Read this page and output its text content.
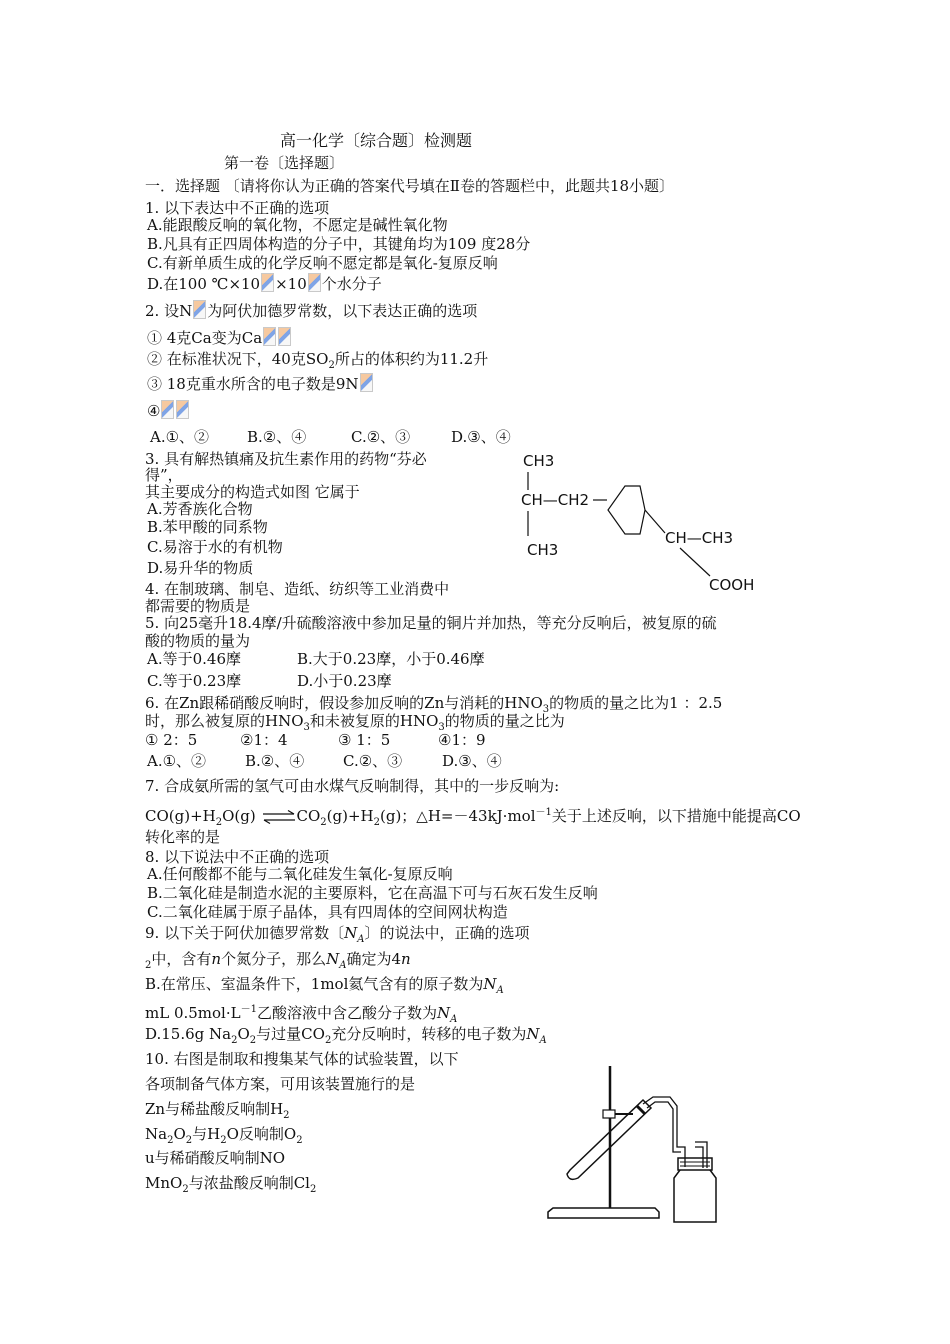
高一化学〔综合题〕检测题
第一卷〔选择题〕
一．选择题 〔请将你认为正确的答案代号填在Ⅱ卷的答题栏中，此题共18小题〕
1. 以下表达中不正确的选项
A.能跟酸反响的氧化物，不愿定是碱性氧化物
B.凡具有正四周体构造的分子中，其键角均为109 度28分
C.有新单质生成的化学反响不愿定都是氧化-复原反响
D.在100 ℃×10 ×10 个水分子
2. 设N 为阿伏加德罗常数，以下表达正确的选项
① 4克Ca变为Ca
② 在标准状况下，40克$SO_2$所占的体积约为11.2升
③ 18克重水所含的电子数是9N
④
A.①、②	B.②、④	C.②、③	D.③、④
3. 具有解热镇痛及抗生素作用的药物“芬必
得”，
其主要成分的构造式如图 它属于
A.芳香族化合物
B.苯甲酸的同系物
C.易溶于水的有机物
D.易升华的物质
CH3
CH—CH2
CH3
CH—CH3
COOH
4. 在制玻璃、制皂、造纸、纺织等工业消费中
都需要的物质是
5. 向25毫升18.4摩/升硫酸溶液中参加足量的铜片并加热，等充分反响后，被复原的硫
酸的物质的量为
A.等于0.46摩	B.大于0.23摩，小于0.46摩
C.等于0.23摩	D.小于0.23摩
6. 在Zn跟稀硝酸反响时，假设参加反响的Zn与消耗的$HNO_3$的物质的量之比为1 ：2.5
时，那么被复原的$HNO_3$和未被复原的$HNO_3$的物质的量之比为
① 2：5	②1：4	③ 1：5	④1：9
A.①、②	B.②、④	C.②、③	D.③、④
7. 合成氨所需的氢气可由水煤气反响制得，其中的一步反响为:
$CO(g)+H_2O(g)$ $\rightleftharpoons CO_2(g)+H_2(g)$；△H=－43kJ·mol$^{-1}$关于上述反响，以下措施中能提高CO
转化率的是
8. 以下说法中不正确的选项
A.任何酸都不能与二氧化硅发生氧化-复原反响
B.二氧化硅是制造水泥的主要原料，它在高温下可与石灰石发生反响
C.二氧化硅属于原子晶体，具有四周体的空间网状构造
9. 以下关于阿伏加德罗常数〔$N_A$〕的说法中，正确的选项
$_2$中，含有n个氮分子，那么$N_A$确定为4n
B.在常压、室温条件下，1mol氦气含有的原子数为$N_A$
mL $0.5mol\cdot L^{-1}$乙酸溶液中含乙酸分子数为$N_A$
D.15.6g $Na_2O_2$与过量$CO_2$充分反响时，转移的电子数为$N_A$
10. 右图是制取和搜集某气体的试验装置，以下
各项制备气体方案，可用该装置施行的是
Zn与稀盐酸反响制$H_2$
$Na_2O_2$与$H_2O$反响制$O_2$
u与稀硝酸反响制NO
MnO$_2$与浓盐酸反响制$Cl_2$
